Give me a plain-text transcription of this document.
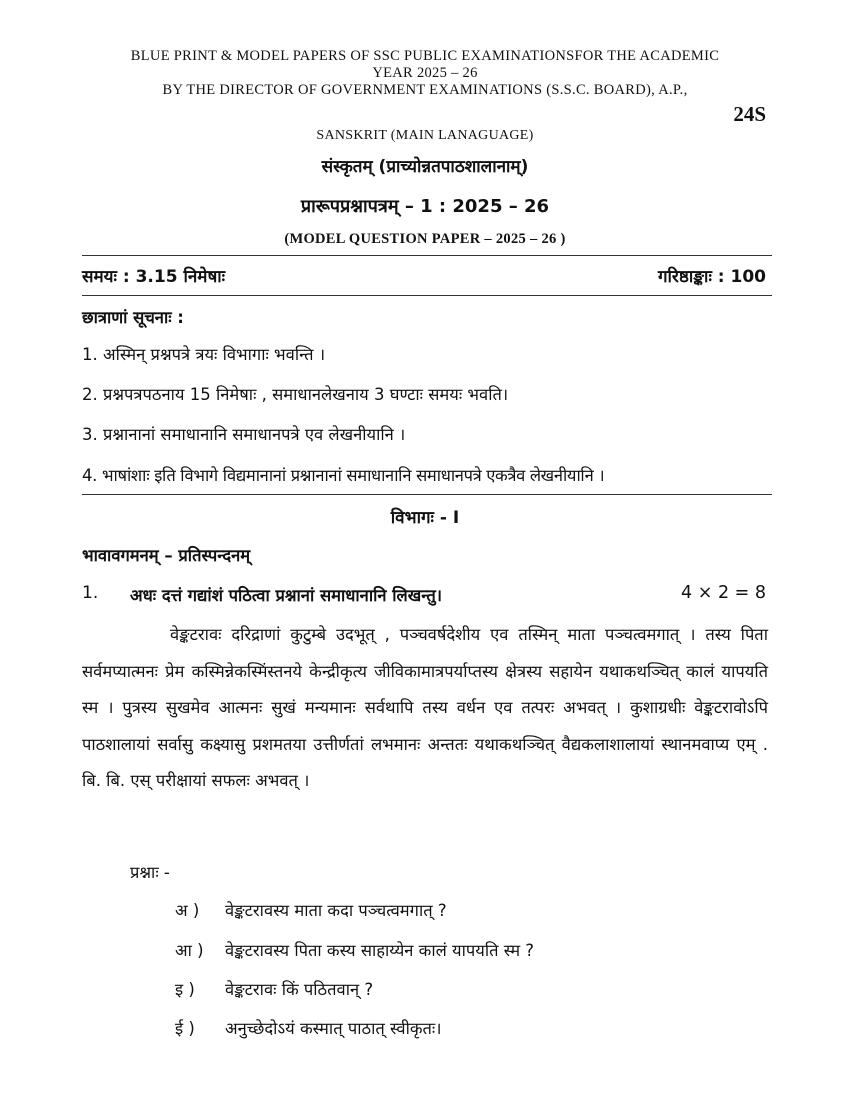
BLUE PRINT & MODEL PAPERS OF SSC PUBLIC EXAMINATIONSFOR THE ACADEMIC
YEAR 2025 – 26
BY THE DIRECTOR OF GOVERNMENT EXAMINATIONS (S.S.C. BOARD), A.P.,
24S
SANSKRIT (MAIN LANAGUAGE)
संस्कृतम् (प्राच्योन्नतपाठशालानाम्)
प्रारूपप्रश्नापत्रम् – 1 : 2025 – 26
(MODEL QUESTION PAPER – 2025 – 26 )
समयः : 3.15 निमेषाः	गरिष्ठाङ्काः : 100
छात्राणां सूचनाः :
1. अस्मिन् प्रश्नपत्रे त्रयः विभागाः भवन्ति ।
2. प्रश्नपत्रपठनाय 15 निमेषाः , समाधानलेखनाय 3 घण्टाः समयः भवति।
3. प्रश्नानानां समाधानानि समाधानपत्रे एव लेखनीयानि ।
4. भाषांशाः इति विभागे विद्यमानानां प्रश्नानानां समाधानानि समाधानपत्रे एकत्रैव लेखनीयानि ।
विभागः - I
भावावगमनम् – प्रतिस्पन्दनम्
1. अधः दत्तं गद्यांशं पठित्वा प्रश्नानां समाधानानि लिखन्तु।	4 × 2 = 8
वेङ्कटरावः दरिद्राणां कुटुम्बे उदभूत् , पञ्चवर्षदेशीय एव तस्मिन् माता पञ्चत्वमगात् । तस्य पिता सर्वमप्यात्मनः प्रेम कस्मिन्नेकस्मिंस्तनये केन्द्रीकृत्य जीविकामात्रपर्याप्तस्य क्षेत्रस्य सहायेन यथाकथञ्चित् कालं यापयति स्म । पुत्रस्य सुखमेव आत्मनः सुखं मन्यमानः सर्वथापि तस्य वर्धन एव तत्परः अभवत् । कुशाग्रधीः वेङ्कटरावोऽपि पाठशालायां सर्वासु कक्ष्यासु प्रशमतया उत्तीर्णतां लभमानः अन्ततः यथाकथञ्चित् वैद्यकलाशालायां स्थानमवाप्य एम् . बि. बि. एस् परीक्षायां सफलः अभवत् ।
प्रश्नाः -
अ ) वेङ्कटरावस्य माता कदा पञ्चत्वमगात् ?
आ ) वेङ्कटरावस्य पिता कस्य साहाय्येन कालं यापयति स्म ?
इ ) वेङ्कटरावः किं पठितवान् ?
ई ) अनुच्छेदोऽयं कस्मात् पाठात् स्वीकृतः।
